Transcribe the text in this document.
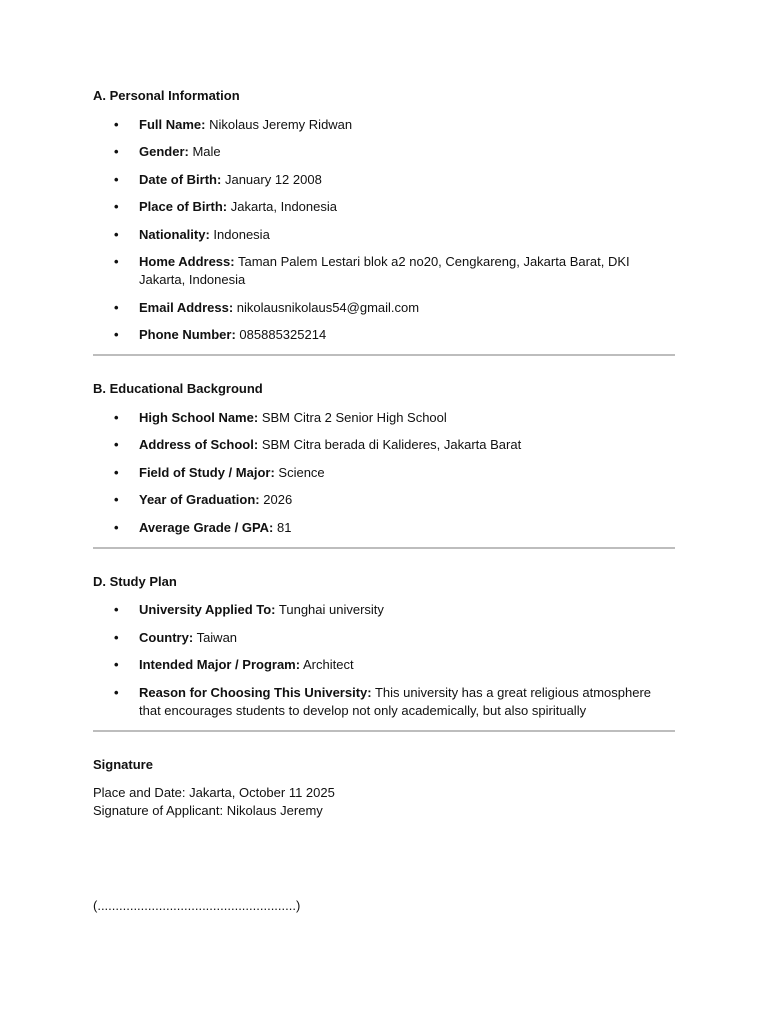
A. Personal Information

• Full Name: Nikolaus Jeremy Ridwan
• Gender: Male
• Date of Birth: January 12 2008
• Place of Birth: Jakarta, Indonesia
• Nationality: Indonesia
• Home Address: Taman Palem Lestari blok a2 no20, Cengkareng, Jakarta Barat, DKI Jakarta, Indonesia
• Email Address: nikolausnikolaus54@gmail.com
• Phone Number: 085885325214

B. Educational Background

• High School Name: SBM Citra 2 Senior High School
• Address of School: SBM Citra berada di Kalideres, Jakarta Barat
• Field of Study / Major: Science
• Year of Graduation: 2026
• Average Grade / GPA: 81

D. Study Plan

• University Applied To: Tunghai university
• Country: Taiwan
• Intended Major / Program: Architect
• Reason for Choosing This University: This university has a great religious atmosphere that encourages students to develop not only academically, but also spiritually

Signature

Place and Date: Jakarta, October 11 2025
Signature of Applicant: Nikolaus Jeremy
(.......................................................)
